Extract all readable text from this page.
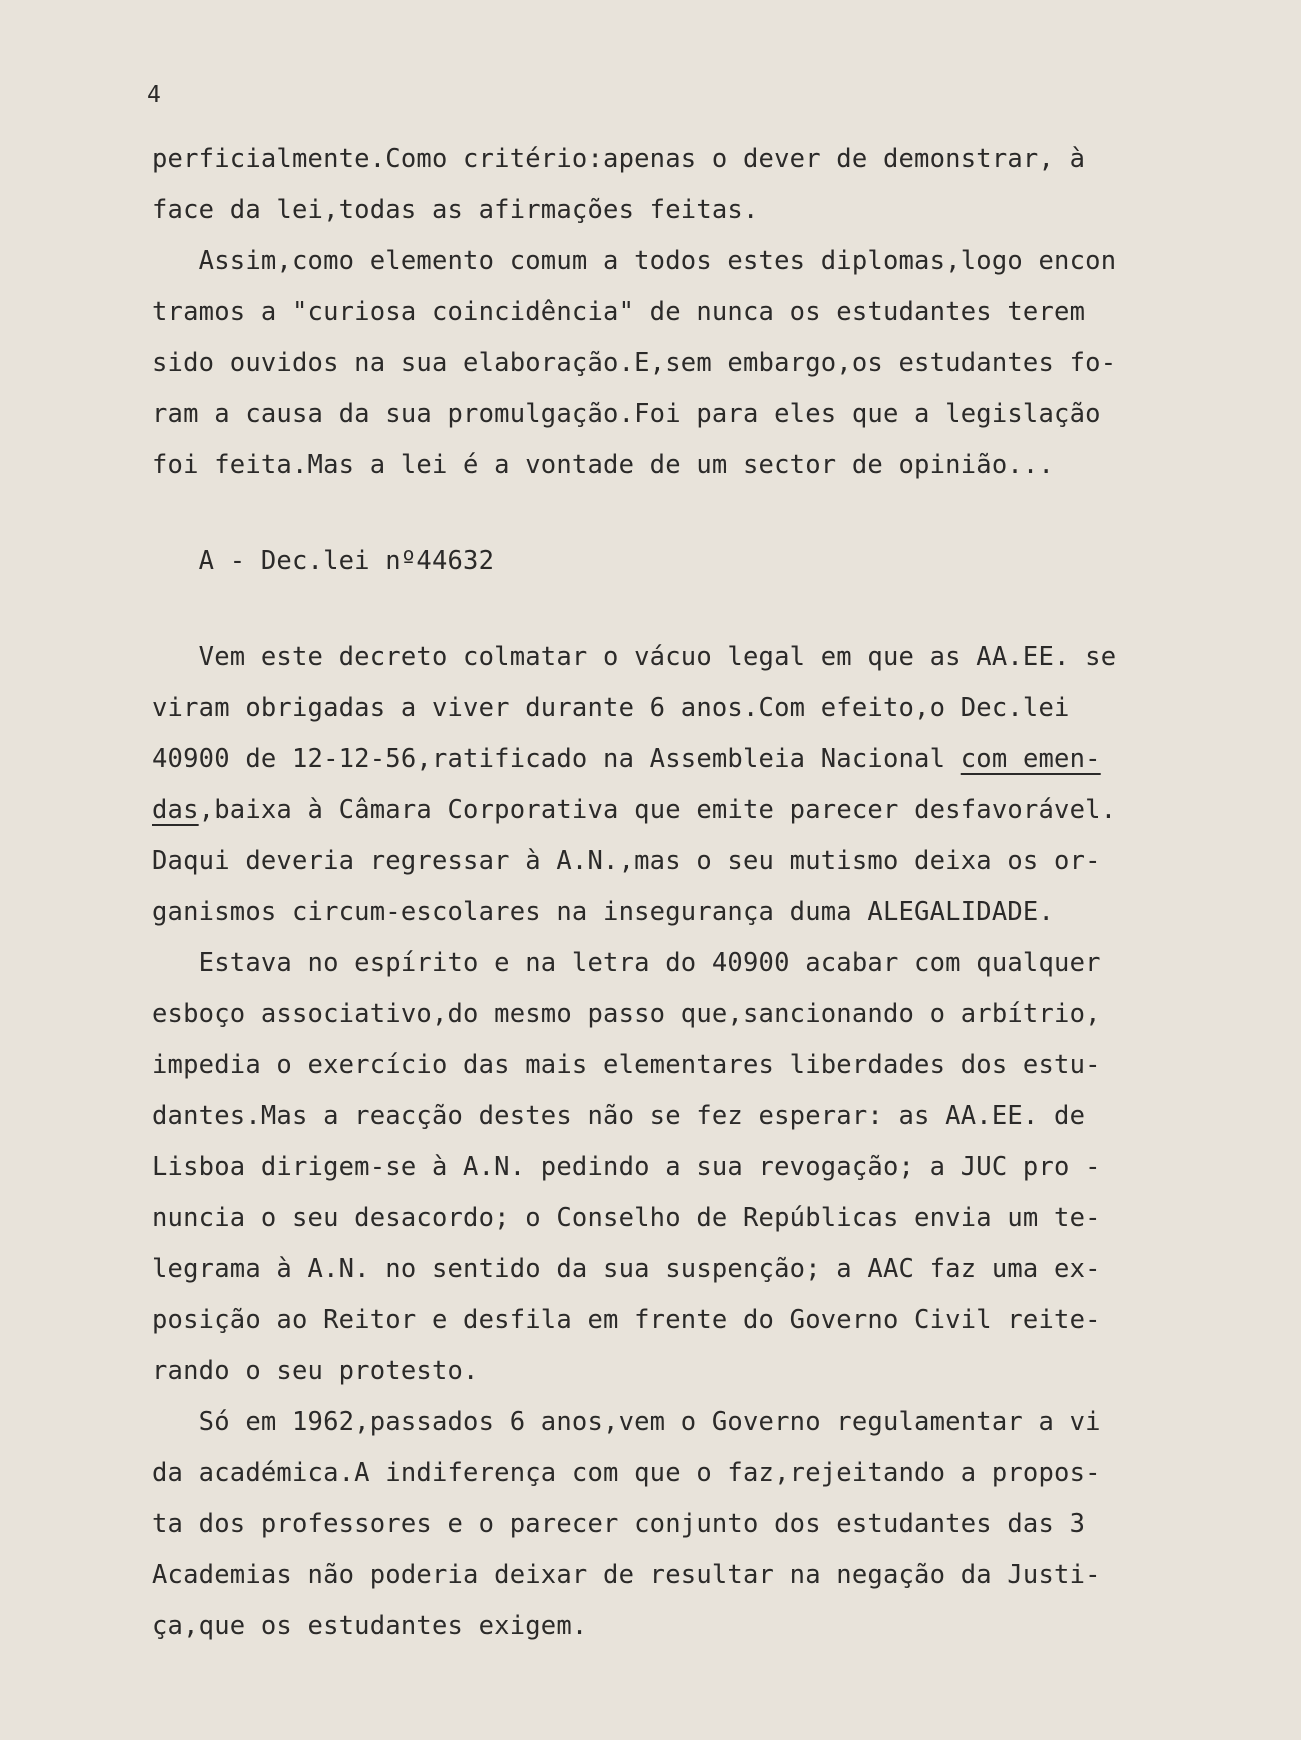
4
perficialmente.Como critério:apenas o dever de demonstrar, à
face da lei,todas as afirmações feitas.
Assim,como elemento comum a todos estes diplomas,logo encon
tramos a "curiosa coincidência" de nunca os estudantes terem
sido ouvidos na sua elaboração.E,sem embargo,os estudantes fo-
ram a causa da sua promulgação.Foi para eles que a legislação
foi feita.Mas a lei é a vontade de um sector de opinião...
A - Dec.lei nº44632
Vem este decreto colmatar o vácuo legal em que as AA.EE. se
viram obrigadas a viver durante 6 anos.Com efeito,o Dec.lei
40900 de 12-12-56,ratificado na Assembleia Nacional com emen-
das,baixa à Câmara Corporativa que emite parecer desfavorável.
Daqui deveria regressar à A.N.,mas o seu mutismo deixa os or-
ganismos circum-escolares na insegurança duma ALEGALIDADE.
Estava no espírito e na letra do 40900 acabar com qualquer
esboço associativo,do mesmo passo que,sancionando o arbítrio,
impedia o exercício das mais elementares liberdades dos estu-
dantes.Mas a reacção destes não se fez esperar: as AA.EE. de
Lisboa dirigem-se à A.N. pedindo a sua revogação; a JUC pro -
nuncia o seu desacordo; o Conselho de Repúblicas envia um te-
legrama à A.N. no sentido da sua suspenção; a AAC faz uma ex-
posição ao Reitor e desfila em frente do Governo Civil reite-
rando o seu protesto.
Só em 1962,passados 6 anos,vem o Governo regulamentar a vi
da académica.A indiferença com que o faz,rejeitando a propos-
ta dos professores e o parecer conjunto dos estudantes das 3
Academias não poderia deixar de resultar na negação da Justi-
ça,que os estudantes exigem.
